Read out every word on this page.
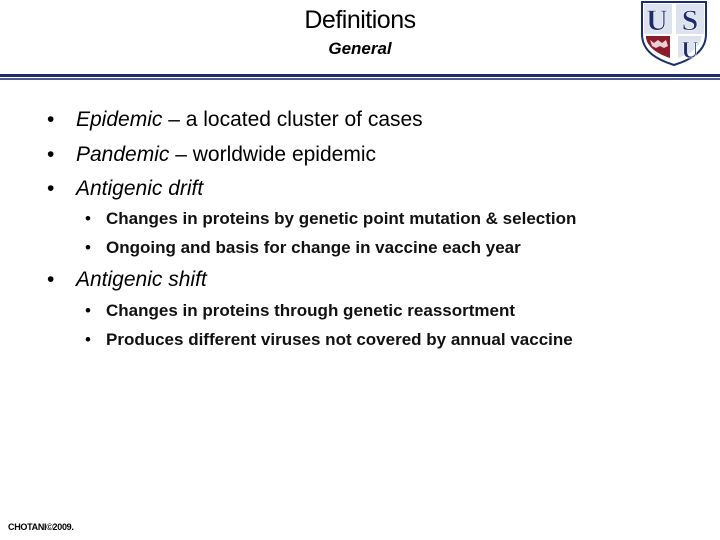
Definitions
General
U S
U
• Epidemic – a located cluster of cases
• Pandemic – worldwide epidemic
• Antigenic drift
• Changes in proteins by genetic point mutation & selection
• Ongoing and basis for change in vaccine each year
• Antigenic shift
• Changes in proteins through genetic reassortment
• Produces different viruses not covered by annual vaccine
CHOTANI©2009.
